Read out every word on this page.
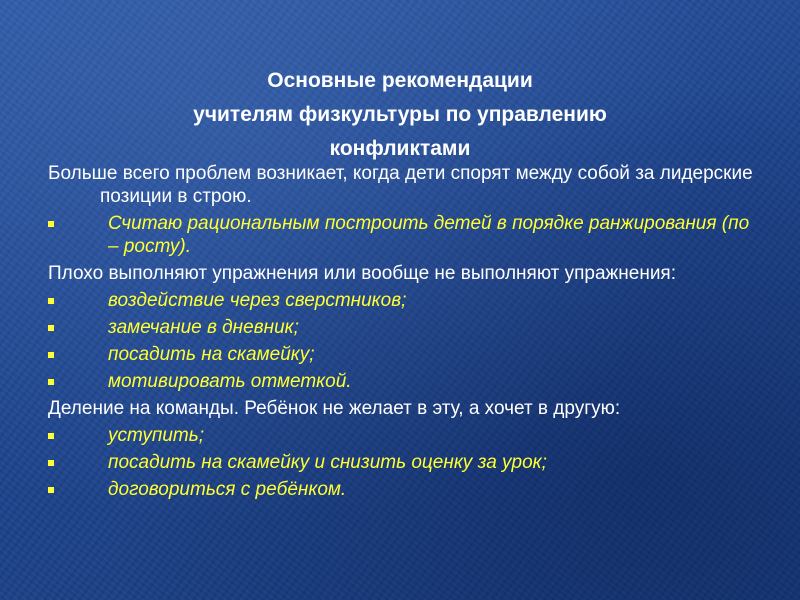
Основные рекомендации
учителям физкультуры по управлению
конфликтами

Больше всего проблем возникает, когда дети спорят между собой за лидерские позиции в строю.

Считаю рациональным построить детей в порядке ранжирования (по – росту).

Плохо выполняют упражнения или вообще не выполняют упражнения:

воздействие через сверстников;
замечание в дневник;
посадить на скамейку;
мотивировать отметкой.

Деление на команды. Ребёнок не желает в эту, а хочет в другую:

уступить;
посадить на скамейку и снизить оценку за урок;
договориться с ребёнком.
